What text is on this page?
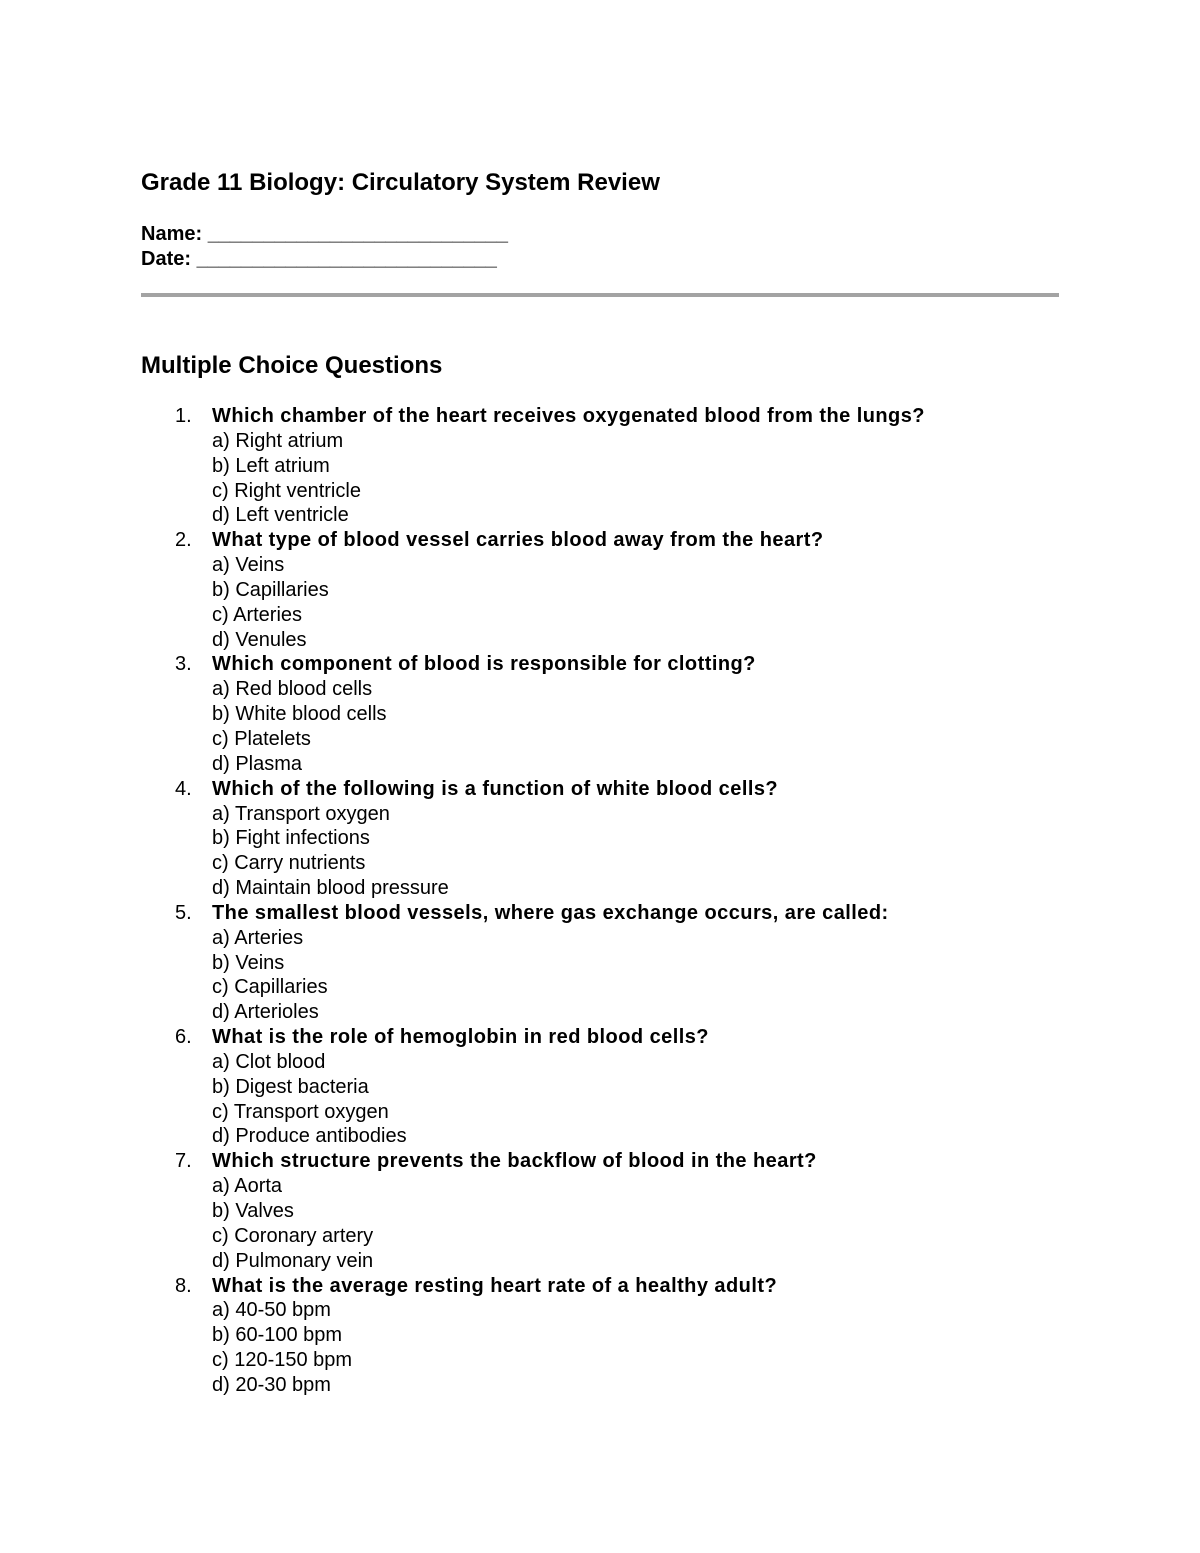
Grade 11 Biology: Circulatory System Review
Name: ___________________________
Date: ___________________________
Multiple Choice Questions
1.	Which chamber of the heart receives oxygenated blood from the lungs?
a) Right atrium
b) Left atrium
c) Right ventricle
d) Left ventricle
2.	What type of blood vessel carries blood away from the heart?
a) Veins
b) Capillaries
c) Arteries
d) Venules
3.	Which component of blood is responsible for clotting?
a) Red blood cells
b) White blood cells
c) Platelets
d) Plasma
4.	Which of the following is a function of white blood cells?
a) Transport oxygen
b) Fight infections
c) Carry nutrients
d) Maintain blood pressure
5.	The smallest blood vessels, where gas exchange occurs, are called:
a) Arteries
b) Veins
c) Capillaries
d) Arterioles
6.	What is the role of hemoglobin in red blood cells?
a) Clot blood
b) Digest bacteria
c) Transport oxygen
d) Produce antibodies
7.	Which structure prevents the backflow of blood in the heart?
a) Aorta
b) Valves
c) Coronary artery
d) Pulmonary vein
8.	What is the average resting heart rate of a healthy adult?
a) 40-50 bpm
b) 60-100 bpm
c) 120-150 bpm
d) 20-30 bpm
